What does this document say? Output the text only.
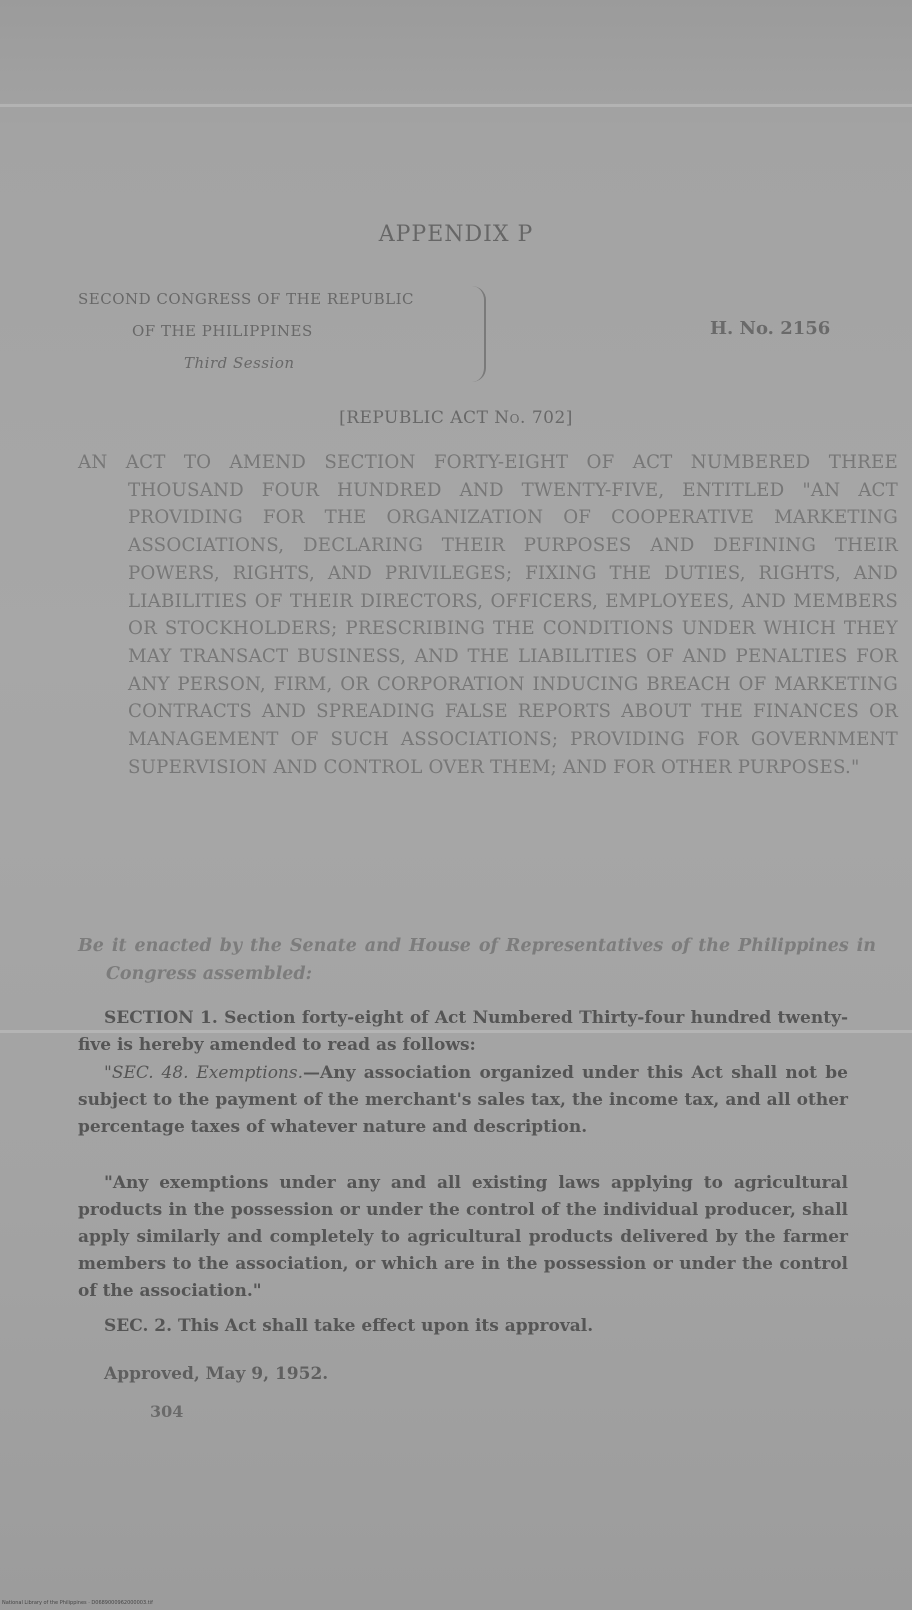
APPENDIX P
SECOND CONGRESS OF THE REPUBLIC
OF THE PHILIPPINES
Third Session
H. No. 2156
[REPUBLIC ACT No. 702]
AN ACT TO AMEND SECTION FORTY-EIGHT OF ACT NUMBERED THREE THOUSAND FOUR HUNDRED AND TWENTY-FIVE, ENTITLED "AN ACT PROVIDING FOR THE ORGANIZATION OF COOPERATIVE MARKETING ASSOCIATIONS, DECLARING THEIR PURPOSES AND DEFINING THEIR POWERS, RIGHTS, AND PRIVILEGES; FIXING THE DUTIES, RIGHTS, AND LIABILITIES OF THEIR DIRECTORS, OFFICERS, EMPLOYEES, AND MEMBERS OR STOCKHOLDERS; PRESCRIBING THE CONDITIONS UNDER WHICH THEY MAY TRANSACT BUSINESS, AND THE LIABILITIES OF AND PENALTIES FOR ANY PERSON, FIRM, OR CORPORATION INDUCING BREACH OF MARKETING CONTRACTS AND SPREADING FALSE REPORTS ABOUT THE FINANCES OR MANAGEMENT OF SUCH ASSOCIATIONS; PROVIDING FOR GOVERNMENT SUPERVISION AND CONTROL OVER THEM; AND FOR OTHER PURPOSES."
Be it enacted by the Senate and House of Representatives of the Philippines in Congress assembled:
SECTION 1. Section forty-eight of Act Numbered Thirty-four hundred twenty-five is hereby amended to read as follows:
"SEC. 48. Exemptions.—Any association organized under this Act shall not be subject to the payment of the merchant's sales tax, the income tax, and all other percentage taxes of whatever nature and description.
"Any exemptions under any and all existing laws applying to agricultural products in the possession or under the control of the individual producer, shall apply similarly and completely to agricultural products delivered by the farmer members to the association, or which are in the possession or under the control of the association."
SEC. 2. This Act shall take effect upon its approval.
Approved, May 9, 1952.
304
National Library of the Philippines · D0689000962000003.tif
